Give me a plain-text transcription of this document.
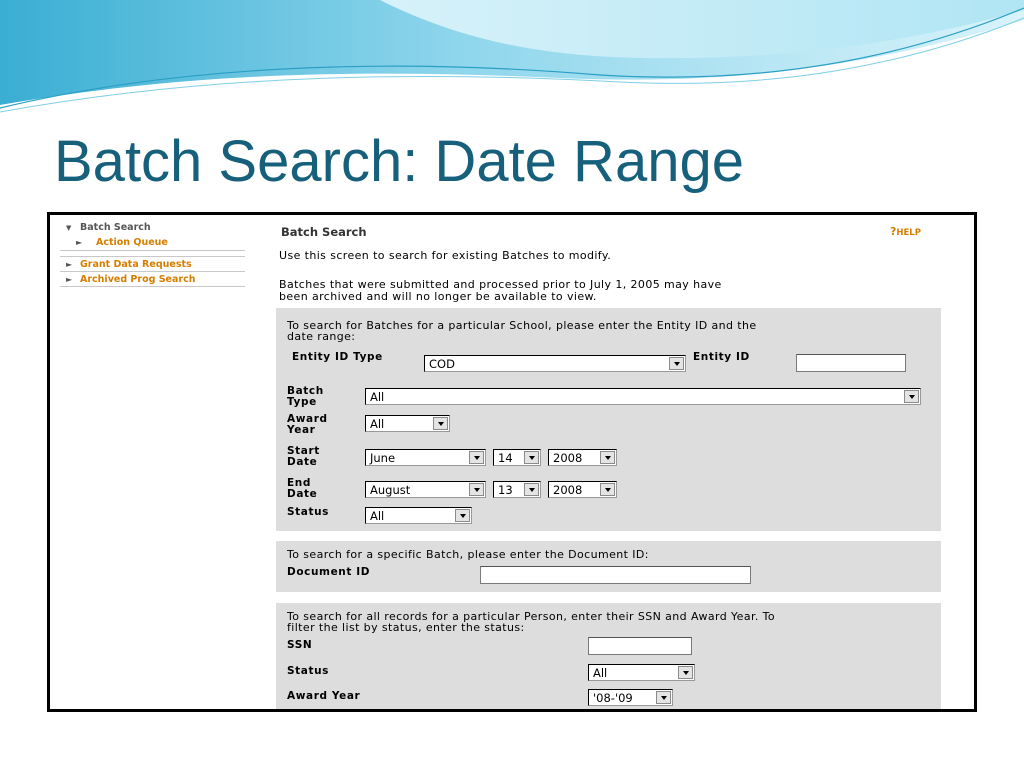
Batch Search: Date Range
▼ Batch Search
►	Action Queue
► Grant Data Requests
► Archived Prog Search
Batch Search	?HELP
Use this screen to search for existing Batches to modify.
Batches that were submitted and processed prior to July 1, 2005 may have
been archived and will no longer be available to view.
To search for Batches for a particular School, please enter the Entity ID and the
date range:
Entity ID Type	COD	Entity ID
Batch
Type	All
Award
Year	All
Start
Date	June	14	2008
End
Date	August	13	2008
Status	All
To search for a specific Batch, please enter the Document ID:
Document ID
To search for all records for a particular Person, enter their SSN and Award Year. To
filter the list by status, enter the status:
SSN
Status	All
Award Year	'08-'09
